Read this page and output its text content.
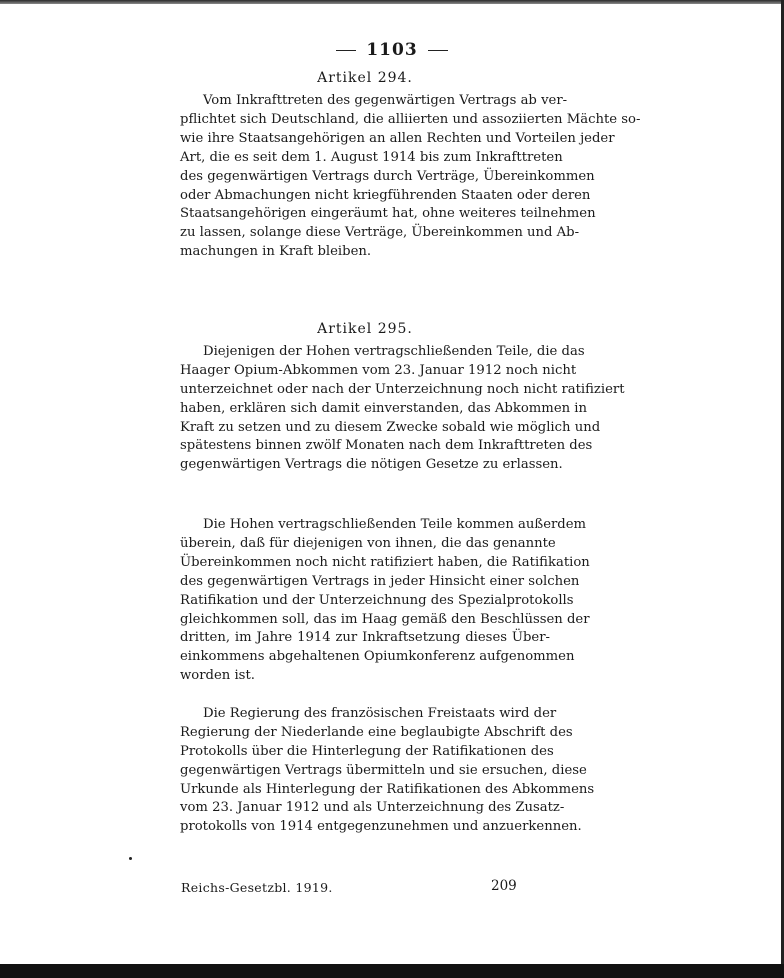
1103
Artikel 294.
Vom Inkrafttreten des gegenwärtigen Vertrags ab ver-
pflichtet sich Deutschland, die alliierten und assoziierten Mächte so-
wie ihre Staatsangehörigen an allen Rechten und Vorteilen jeder
Art, die es seit dem 1. August 1914 bis zum Inkrafttreten
des gegenwärtigen Vertrags durch Verträge, Übereinkommen
oder Abmachungen nicht kriegführenden Staaten oder deren
Staatsangehörigen eingeräumt hat, ohne weiteres teilnehmen
zu lassen, solange diese Verträge, Übereinkommen und Ab-
machungen in Kraft bleiben.
Artikel 295.
Diejenigen der Hohen vertragschließenden Teile, die das
Haager Opium-Abkommen vom 23. Januar 1912 noch nicht
unterzeichnet oder nach der Unterzeichnung noch nicht ratifiziert
haben, erklären sich damit einverstanden, das Abkommen in
Kraft zu setzen und zu diesem Zwecke sobald wie möglich und
spätestens binnen zwölf Monaten nach dem Inkrafttreten des
gegenwärtigen Vertrags die nötigen Gesetze zu erlassen.
Die Hohen vertragschließenden Teile kommen außerdem
überein, daß für diejenigen von ihnen, die das genannte
Übereinkommen noch nicht ratifiziert haben, die Ratifikation
des gegenwärtigen Vertrags in jeder Hinsicht einer solchen
Ratifikation und der Unterzeichnung des Spezialprotokolls
gleichkommen soll, das im Haag gemäß den Beschlüssen der
dritten, im Jahre 1914 zur Inkraftsetzung dieses Über-
einkommens abgehaltenen Opiumkonferenz aufgenommen
worden ist.
Die Regierung des französischen Freistaats wird der
Regierung der Niederlande eine beglaubigte Abschrift des
Protokolls über die Hinterlegung der Ratifikationen des
gegenwärtigen Vertrags übermitteln und sie ersuchen, diese
Urkunde als Hinterlegung der Ratifikationen des Abkommens
vom 23. Januar 1912 und als Unterzeichnung des Zusatz-
protokolls von 1914 entgegenzunehmen und anzuerkennen.
Reichs-Gesetzbl. 1919.	209
